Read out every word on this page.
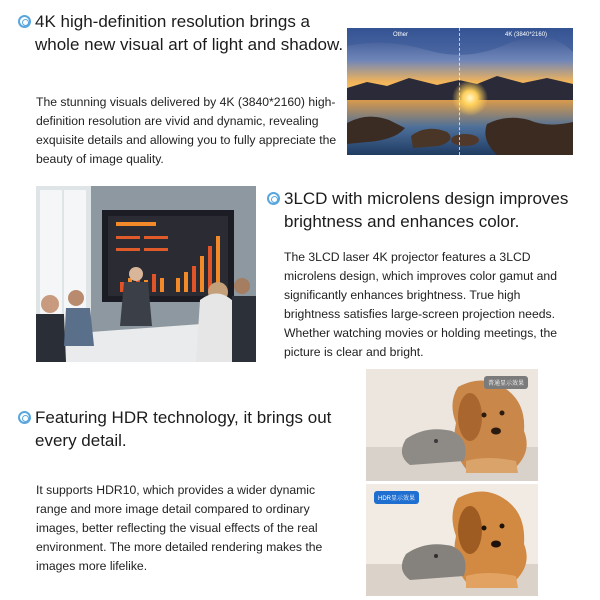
4K high-definition resolution brings a whole new visual art of light and shadow.
The stunning visuals delivered by 4K (3840*2160) high-definition resolution are vivid and dynamic, revealing exquisite details and allowing you to fully appreciate the beauty of image quality.
Other	4K (3840*2160)
3LCD with microlens design improves brightness and enhances color.
The 3LCD laser 4K projector features a 3LCD microlens design, which improves color gamut and significantly enhances brightness. True high brightness satisfies large-screen projection needs. Whether watching movies or holding meetings, the picture is clear and bright.
Featuring HDR technology, it brings out every detail.
It supports HDR10, which provides a wider dynamic range and more image detail compared to ordinary images, better reflecting the visual effects of the real environment. The more detailed rendering makes the images more lifelike.
普通显示效果
HDR显示效果
